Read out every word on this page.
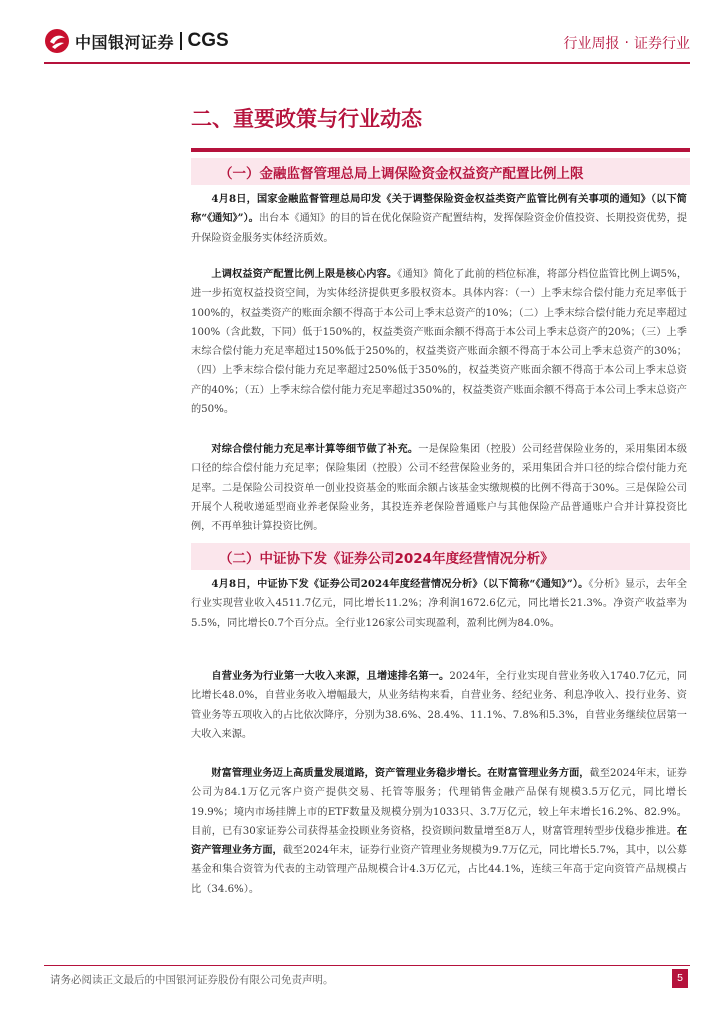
中国银河证券 CGS	行业周报 · 证券行业
二、重要政策与行业动态
（一）金融监督管理总局上调保险资金权益资产配置比例上限

4月8日，国家金融监督管理总局印发《关于调整保险资金权益类资产监管比例有关事项的通知》（以下简称“《通知》”）。出台本《通知》的目的旨在优化保险资产配置结构，发挥保险资金价值投资、长期投资优势，提升保险资金服务实体经济质效。

上调权益资产配置比例上限是核心内容。《通知》简化了此前的档位标准，将部分档位监管比例上调5%，进一步拓宽权益投资空间，为实体经济提供更多股权资本。具体内容：（一）上季末综合偿付能力充足率低于100%的，权益类资产的账面余额不得高于本公司上季末总资产的10%；（二）上季末综合偿付能力充足率超过100%（含此数，下同）低于150%的，权益类资产账面余额不得高于本公司上季末总资产的20%；（三）上季末综合偿付能力充足率超过150%低于250%的，权益类资产账面余额不得高于本公司上季末总资产的30%；（四）上季末综合偿付能力充足率超过250%低于350%的，权益类资产账面余额不得高于本公司上季末总资产的40%；（五）上季末综合偿付能力充足率超过350%的，权益类资产账面余额不得高于本公司上季末总资产的50%。

对综合偿付能力充足率计算等细节做了补充。一是保险集团（控股）公司经营保险业务的，采用集团本级口径的综合偿付能力充足率；保险集团（控股）公司不经营保险业务的，采用集团合并口径的综合偿付能力充足率。二是保险公司投资单一创业投资基金的账面余额占该基金实缴规模的比例不得高于30%。三是保险公司开展个人税收递延型商业养老保险业务，其投连养老保险普通账户与其他保险产品普通账户合并计算投资比例，不再单独计算投资比例。

（二）中证协下发《证券公司2024年度经营情况分析》

4月8日，中证协下发《证券公司2024年度经营情况分析》（以下简称“《通知》”）。《分析》显示，去年全行业实现营业收入4511.7亿元，同比增长11.2%；净利润1672.6亿元，同比增长21.3%。净资产收益率为5.5%，同比增长0.7个百分点。全行业126家公司实现盈利，盈利比例为84.0%。

自营业务为行业第一大收入来源，且增速排名第一。2024年，全行业实现自营业务收入1740.7亿元，同比增长48.0%，自营业务收入增幅最大，从业务结构来看，自营业务、经纪业务、利息净收入、投行业务、资管业务等五项收入的占比依次降序，分别为38.6%、28.4%、11.1%、7.8%和5.3%，自营业务继续位居第一大收入来源。

财富管理业务迈上高质量发展道路，资产管理业务稳步增长。在财富管理业务方面，截至2024年末，证券公司为84.1万亿元客户资产提供交易、托管等服务；代理销售金融产品保有规模3.5万亿元，同比增长19.9%；境内市场挂牌上市的ETF数量及规模分别为1033只、3.7万亿元，较上年末增长16.2%、82.9%。目前，已有30家证券公司获得基金投顾业务资格，投资顾问数量增至8万人，财富管理转型步伐稳步推进。在资产管理业务方面，截至2024年末，证券行业资产管理业务规模为9.7万亿元，同比增长5.7%，其中，以公募基金和集合资管为代表的主动管理产品规模合计4.3万亿元，占比44.1%，连续三年高于定向资管产品规模占比（34.6%）。

请务必阅读正文最后的中国银河证券股份有限公司免责声明。	5
